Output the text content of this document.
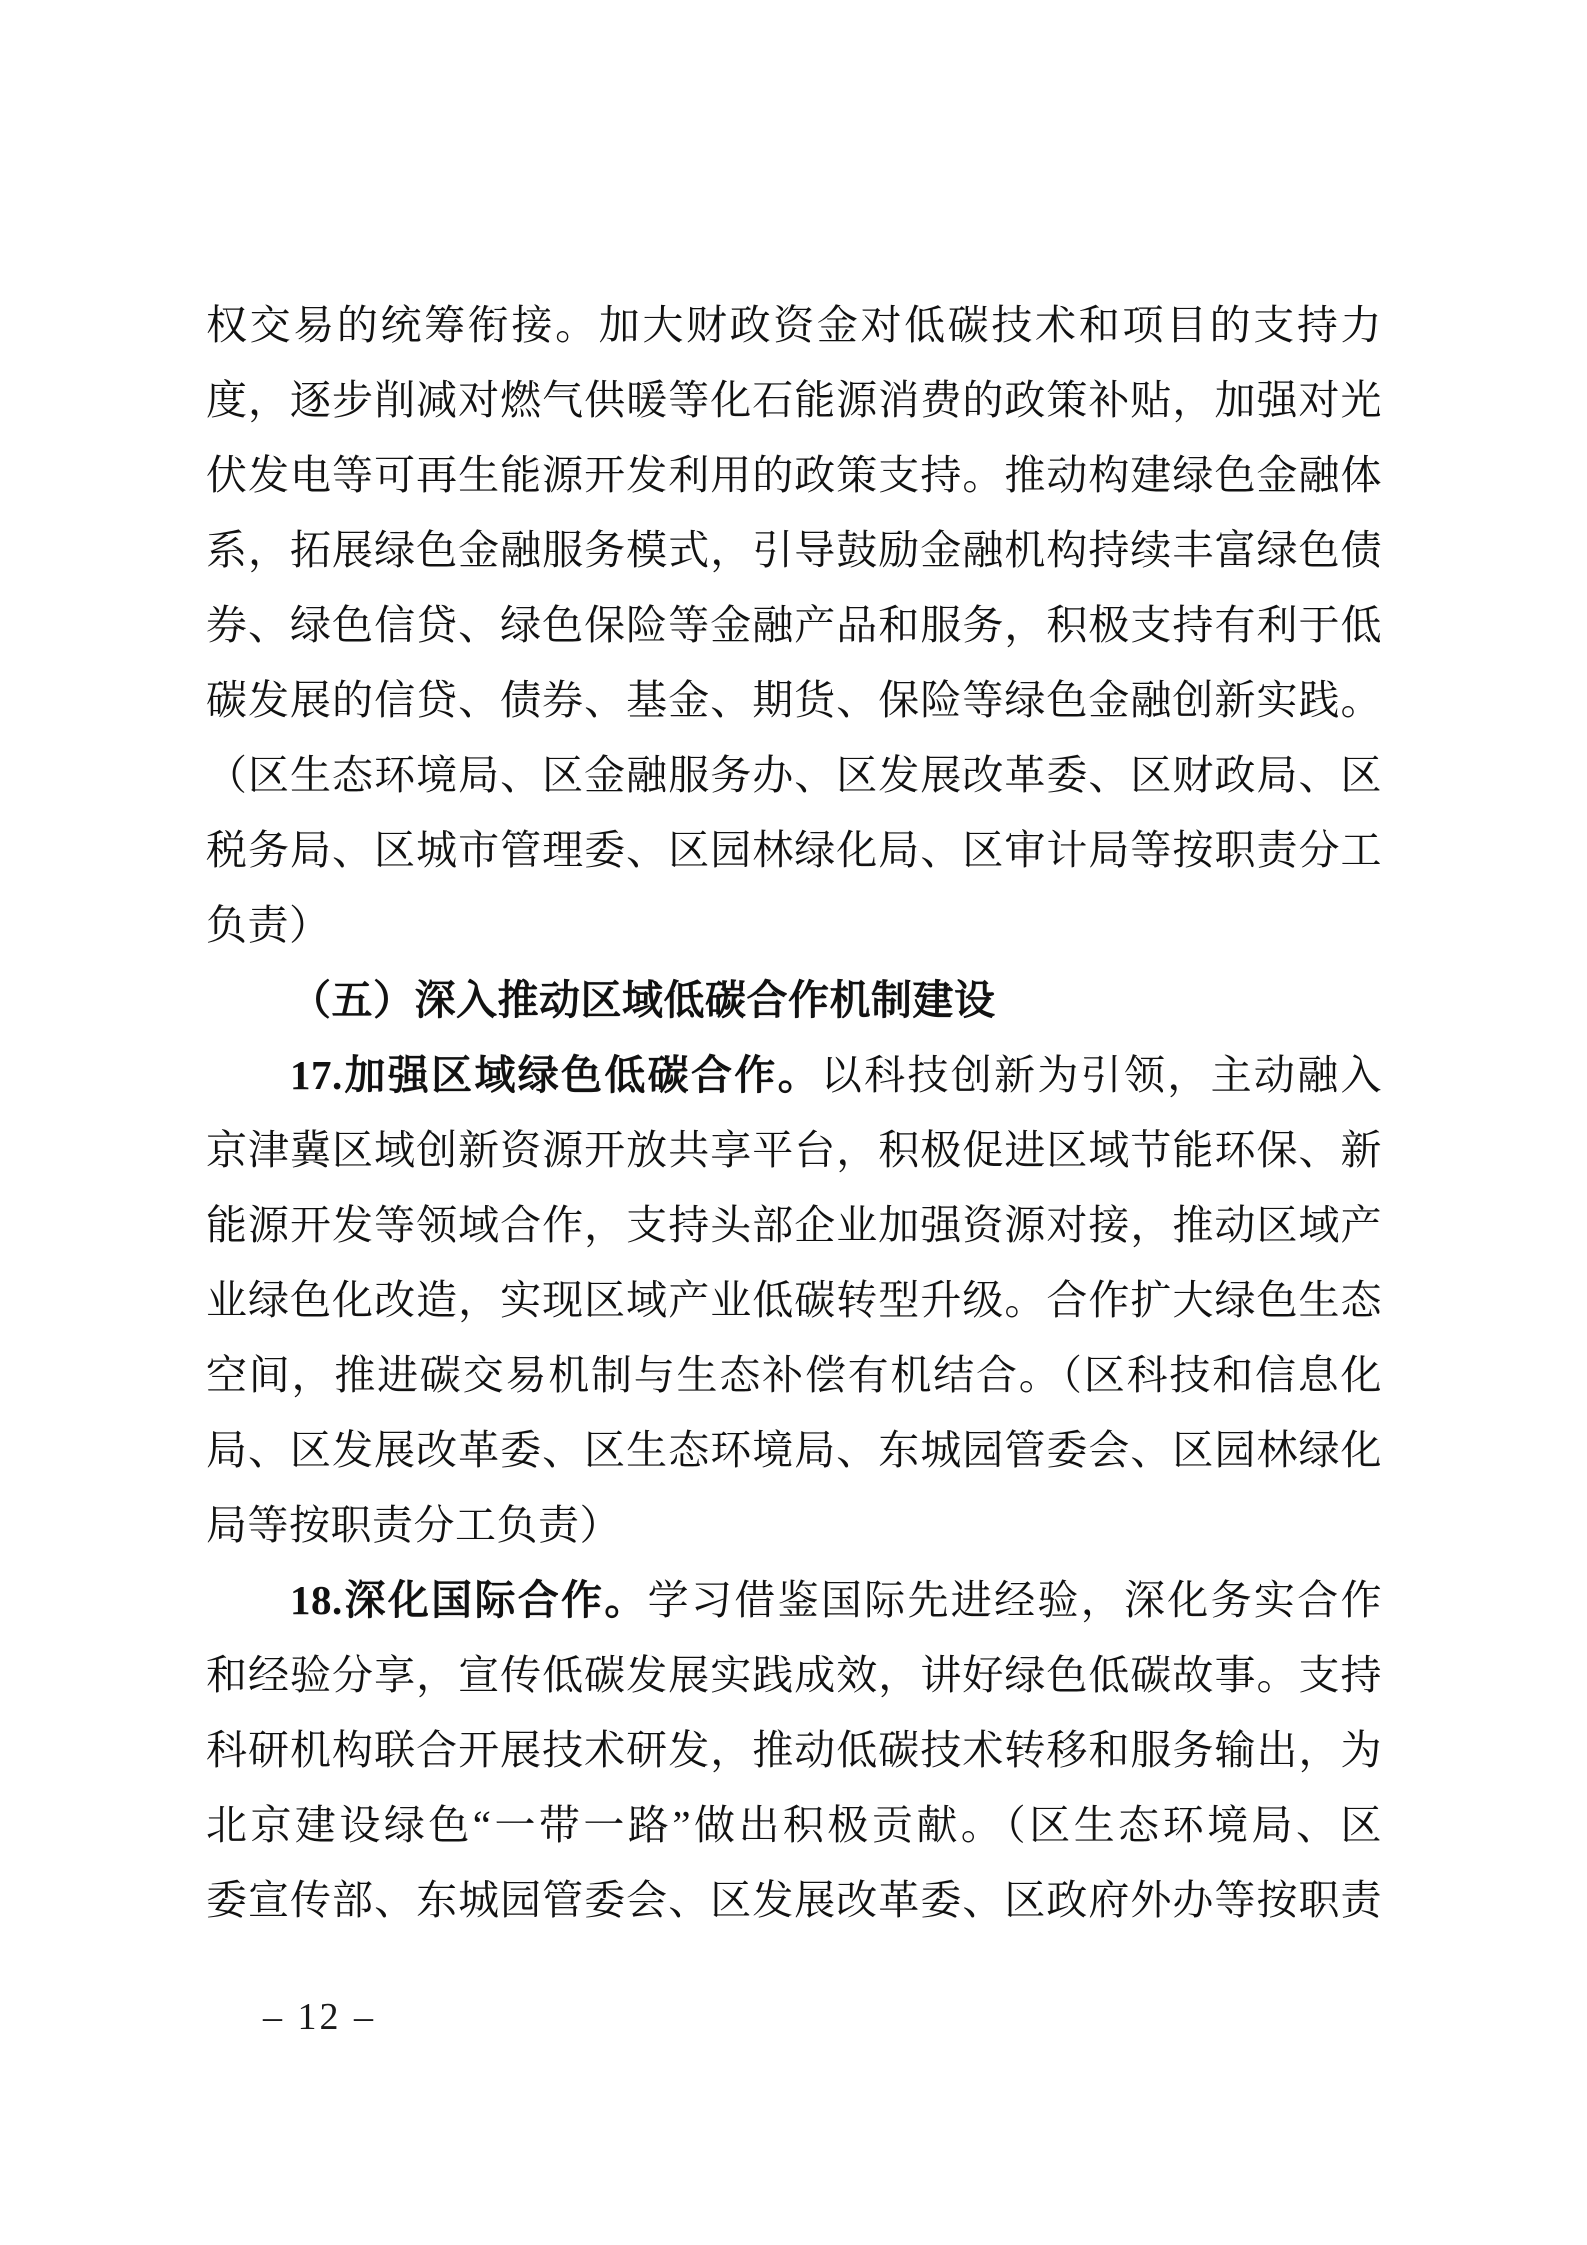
权交易的统筹衔接。加大财政资金对低碳技术和项目的支持力
度，逐步削减对燃气供暖等化石能源消费的政策补贴，加强对光
伏发电等可再生能源开发利用的政策支持。推动构建绿色金融体
系，拓展绿色金融服务模式，引导鼓励金融机构持续丰富绿色债
券、绿色信贷、绿色保险等金融产品和服务，积极支持有利于低
碳发展的信贷、债券、基金、期货、保险等绿色金融创新实践。
（区生态环境局、区金融服务办、区发展改革委、区财政局、区
税务局、区城市管理委、区园林绿化局、区审计局等按职责分工
负责）
（五）深入推动区域低碳合作机制建设
17.加强区域绿色低碳合作。以科技创新为引领，主动融入
京津冀区域创新资源开放共享平台，积极促进区域节能环保、新
能源开发等领域合作，支持头部企业加强资源对接，推动区域产
业绿色化改造，实现区域产业低碳转型升级。合作扩大绿色生态
空间，推进碳交易机制与生态补偿有机结合。（区科技和信息化
局、区发展改革委、区生态环境局、东城园管委会、区园林绿化
局等按职责分工负责）
18.深化国际合作。学习借鉴国际先进经验，深化务实合作
和经验分享，宣传低碳发展实践成效，讲好绿色低碳故事。支持
科研机构联合开展技术研发，推动低碳技术转移和服务输出，为
北京建设绿色“一带一路”做出积极贡献。（区生态环境局、区
委宣传部、东城园管委会、区发展改革委、区政府外办等按职责
– 12 –
